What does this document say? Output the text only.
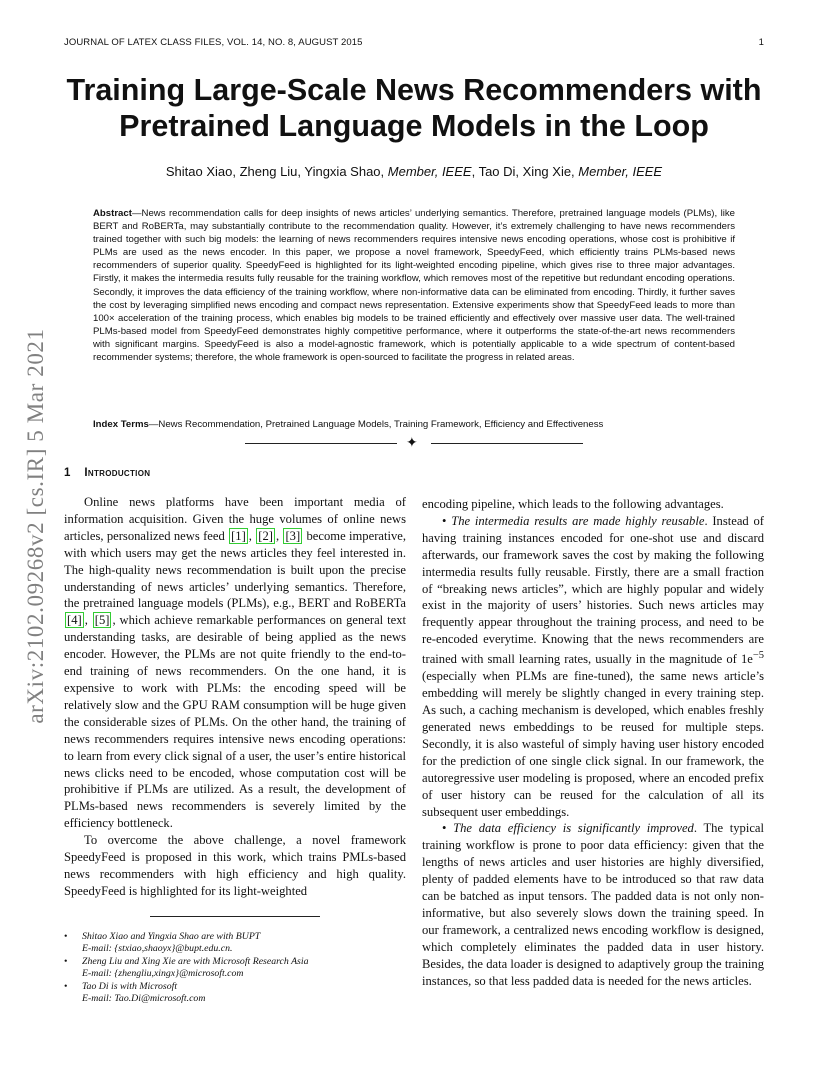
JOURNAL OF LATEX CLASS FILES, VOL. 14, NO. 8, AUGUST 2015	1
arXiv:2102.09268v2 [cs.IR] 5 Mar 2021
Training Large-Scale News Recommenders with
Pretrained Language Models in the Loop
Shitao Xiao, Zheng Liu, Yingxia Shao, Member, IEEE, Tao Di, Xing Xie, Member, IEEE
Abstract—News recommendation calls for deep insights of news articles’ underlying semantics. Therefore, pretrained language models (PLMs), like BERT and RoBERTa, may substantially contribute to the recommendation quality. However, it’s extremely challenging to have news recommenders trained together with such big models: the learning of news recommenders requires intensive news encoding operations, whose cost is prohibitive if PLMs are used as the news encoder. In this paper, we propose a novel framework, SpeedyFeed, which efficiently trains PLMs-based news recommenders of superior quality. SpeedyFeed is highlighted for its light-weighted encoding pipeline, which gives rise to three major advantages. Firstly, it makes the intermedia results fully reusable for the training workflow, which removes most of the repetitive but redundant encoding operations. Secondly, it improves the data efficiency of the training workflow, where non-informative data can be eliminated from encoding. Thirdly, it further saves the cost by leveraging simplified news encoding and compact news representation. Extensive experiments show that SpeedyFeed leads to more than 100× acceleration of the training process, which enables big models to be trained efficiently and effectively over massive user data. The well-trained PLMs-based model from SpeedyFeed demonstrates highly competitive performance, where it outperforms the state-of-the-art news recommenders with significant margins. SpeedyFeed is also a model-agnostic framework, which is potentially applicable to a wide spectrum of content-based recommender systems; therefore, the whole framework is open-sourced to facilitate the progress in related areas.
Index Terms—News Recommendation, Pretrained Language Models, Training Framework, Efficiency and Effectiveness
✦
1 Introduction

Online news platforms have been important media of information acquisition. Given the huge volumes of online news articles, personalized news feed [1] , [2] , [3] become imperative, with which users may get the news articles they feel interested in. The high-quality news recommendation is built upon the precise understanding of news articles’ underlying semantics. Therefore, the pretrained language models (PLMs), e.g., BERT and RoBERTa [4] , [5] , which achieve remarkable performances on general text understanding tasks, are desirable of being applied as the news encoder. However, the PLMs are not quite friendly to the end-to-end training of news recommenders. On the one hand, it is expensive to work with PLMs: the encoding speed will be relatively slow and the GPU RAM consumption will be huge given the considerable sizes of PLMs. On the other hand, the training of news recommenders requires intensive news encoding operations: to learn from every click signal of a user, the user’s entire historical news clicks need to be encoded, whose computation cost will be prohibitive if PLMs are utilized. As a result, the development of PLMs-based news recommenders is severely limited by the efficiency bottleneck.

To overcome the above challenge, a novel framework SpeedyFeed is proposed in this work, which trains PMLs-based news recommenders with high efficiency and high quality. SpeedyFeed is highlighted for its light-weighted

• Shitao Xiao and Yingxia Shao are with BUPT
E-mail: {stxiao,shaoyx}@bupt.edu.cn.
• Zheng Liu and Xing Xie are with Microsoft Research Asia
E-mail: {zhengliu,xingx}@microsoft.com
• Tao Di is with Microsoft
E-mail: Tao.Di@microsoft.com

encoding pipeline, which leads to the following advantages.

• The intermedia results are made highly reusable. Instead of having training instances encoded for one-shot use and discard afterwards, our framework saves the cost by making the following intermedia results fully reusable. Firstly, there are a small fraction of “breaking news articles”, which are highly popular and widely exist in the majority of users’ histories. Such news articles may frequently appear throughout the training process, and need to be re-encoded everytime. Knowing that the news recommenders are trained with small learning rates, usually in the magnitude of $1e^{-5}$ (especially when PLMs are fine-tuned), the same news article’s embedding will merely be slightly changed in every training step. As such, a caching mechanism is developed, which enables freshly generated news embeddings to be reused for multiple steps. Secondly, it is also wasteful of simply having user history encoded for the prediction of one single click signal. In our framework, the autoregressive user modeling is proposed, where an encoded prefix of user history can be reused for the calculation of all its subsequent user embeddings.

• The data efficiency is significantly improved. The typical training workflow is prone to poor data efficiency: given that the lengths of news articles and user histories are highly diversified, plenty of padded elements have to be introduced so that raw data can be batched as input tensors. The padded data is not only non-informative, but also severely slows down the training speed. In our framework, a centralized news encoding workflow is designed, which completely eliminates the padded data in user history. Besides, the data loader is designed to adaptively group the training instances, so that less padded data is needed for the news articles.
